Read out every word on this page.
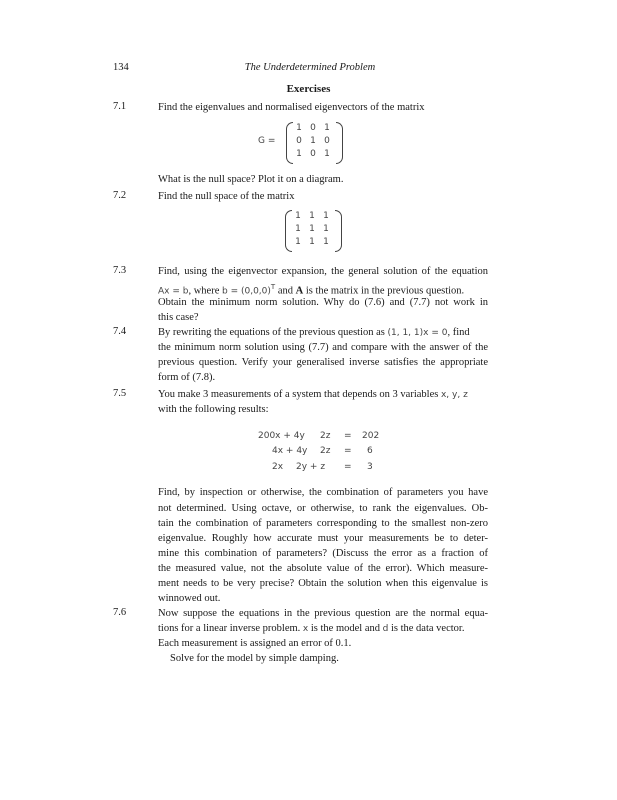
134	The Underdetermined Problem
Exercises
7.1	Find the eigenvalues and normalised eigenvectors of the matrix
G =
1 0 1
0 1 0
1 0 1
What is the null space? Plot it on a diagram.
7.2	Find the null space of the matrix
1 1 1
1 1 1
1 1 1
7.3	Find, using the eigenvector expansion, the general solution of the equation
Ax = b, where $b = (0,0,0)^T$ and A is the matrix in the previous question.
Obtain the minimum norm solution. Why do (7.6) and (7.7) not work in
this case?
7.4	By rewriting the equations of the previous question as (1, 1, 1)x = 0, find
the minimum norm solution using (7.7) and compare with the answer of the
previous question. Verify your generalised inverse satisfies the appropriate
form of (7.8).
7.5	You make 3 measurements of a system that depends on 3 variables x, y, z
with the following results:
200x + 4y 2z = 202
4x + 4y 2z = 6
2x 2y + z = 3
Find, by inspection or otherwise, the combination of parameters you have
not determined. Using octave, or otherwise, to rank the eigenvalues. Ob-
tain the combination of parameters corresponding to the smallest non-zero
eigenvalue. Roughly how accurate must your measurements be to deter-
mine this combination of parameters? (Discuss the error as a fraction of
the measured value, not the absolute value of the error). Which measure-
ment needs to be very precise? Obtain the solution when this eigenvalue is
winnowed out.
7.6	Now suppose the equations in the previous question are the normal equa-
tions for a linear inverse problem. x is the model and d is the data vector.
Each measurement is assigned an error of 0.1.
Solve for the model by simple damping.
